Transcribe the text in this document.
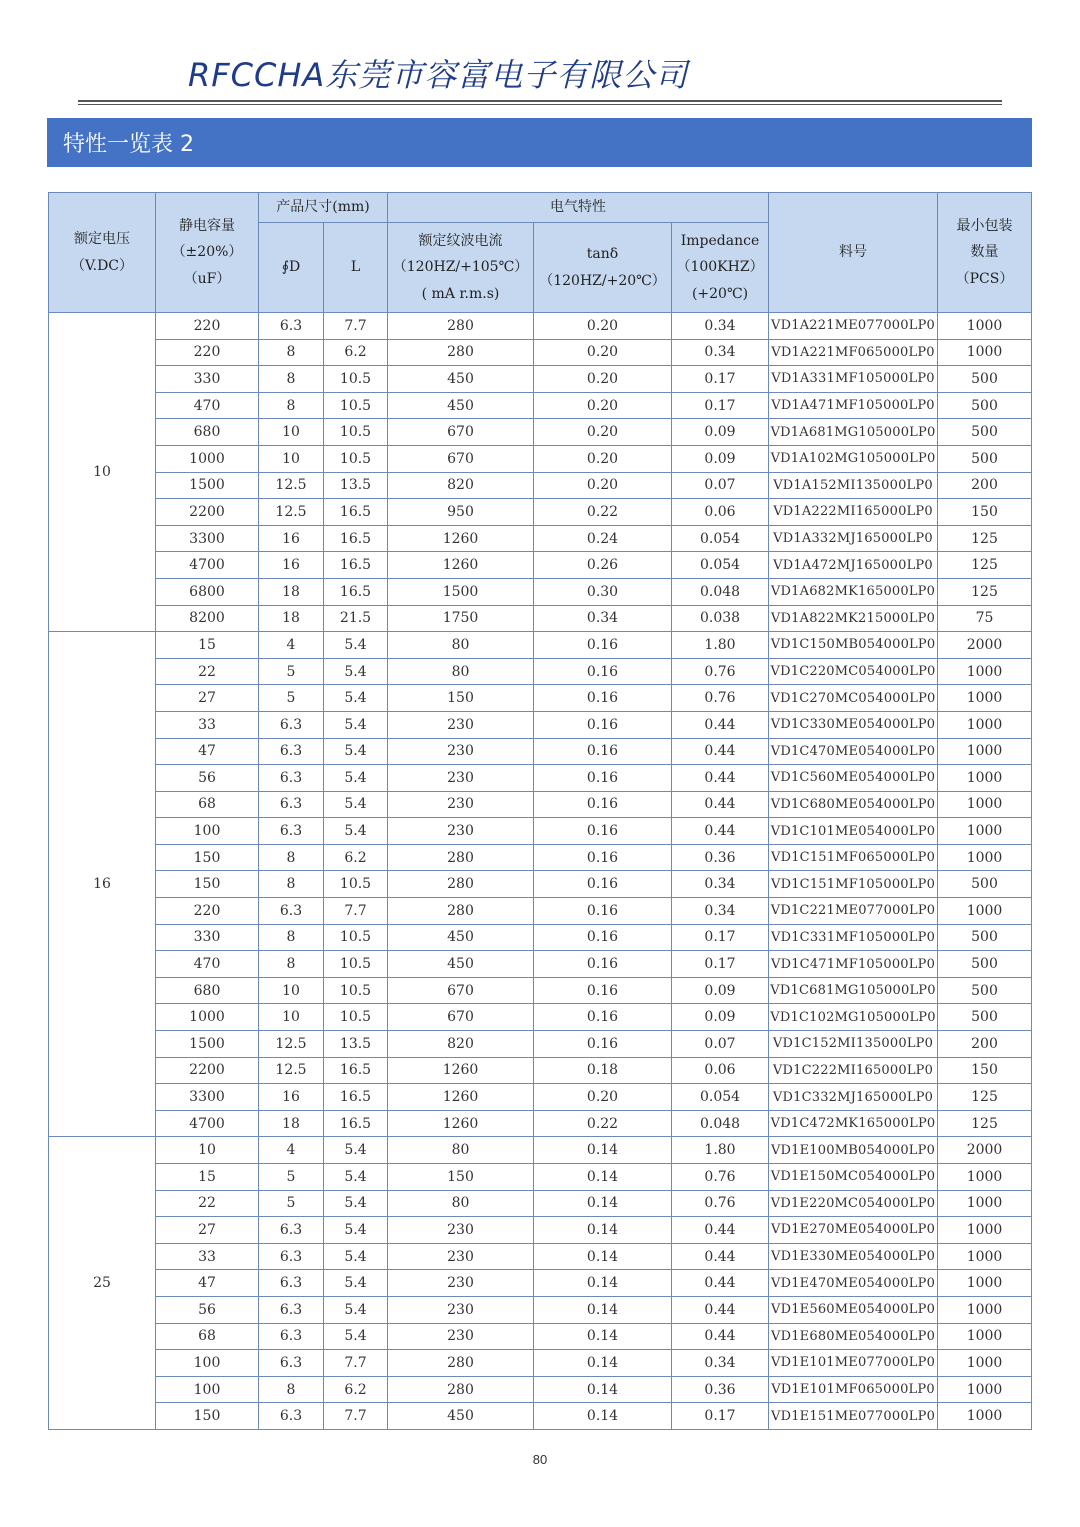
RFCCHA东莞市容富电子有限公司
特性一览表 2
额定电压
（V.DC）	静电容量
（±20%）
（uF）	产品尺寸(mm)		电气特性			料号	最小包装
数量
（PCS）

		∮D	L	额定纹波电流
（120HZ/+105℃）
( mA r.m.s)	tanδ
（120HZ/+20℃）	Impedance
（100KHZ）
(+20℃)		

10	220	6.3	7.7	280	0.20	0.34	VD1A221ME077000LP0	1000
	220	8	6.2	280	0.20	0.34	VD1A221MF065000LP0	1000
	330	8	10.5	450	0.20	0.17	VD1A331MF105000LP0	500
	470	8	10.5	450	0.20	0.17	VD1A471MF105000LP0	500
	680	10	10.5	670	0.20	0.09	VD1A681MG105000LP0	500
	1000	10	10.5	670	0.20	0.09	VD1A102MG105000LP0	500
	1500	12.5	13.5	820	0.20	0.07	VD1A152MI135000LP0	200
	2200	12.5	16.5	950	0.22	0.06	VD1A222MI165000LP0	150
	3300	16	16.5	1260	0.24	0.054	VD1A332MJ165000LP0	125
	4700	16	16.5	1260	0.26	0.054	VD1A472MJ165000LP0	125
	6800	18	16.5	1500	0.30	0.048	VD1A682MK165000LP0	125
	8200	18	21.5	1750	0.34	0.038	VD1A822MK215000LP0	75
16	15	4	5.4	80	0.16	1.80	VD1C150MB054000LP0	2000
	22	5	5.4	80	0.16	0.76	VD1C220MC054000LP0	1000
	27	5	5.4	150	0.16	0.76	VD1C270MC054000LP0	1000
	33	6.3	5.4	230	0.16	0.44	VD1C330ME054000LP0	1000
	47	6.3	5.4	230	0.16	0.44	VD1C470ME054000LP0	1000
	56	6.3	5.4	230	0.16	0.44	VD1C560ME054000LP0	1000
	68	6.3	5.4	230	0.16	0.44	VD1C680ME054000LP0	1000
	100	6.3	5.4	230	0.16	0.44	VD1C101ME054000LP0	1000
	150	8	6.2	280	0.16	0.36	VD1C151MF065000LP0	1000
	150	8	10.5	280	0.16	0.34	VD1C151MF105000LP0	500
	220	6.3	7.7	280	0.16	0.34	VD1C221ME077000LP0	1000
	330	8	10.5	450	0.16	0.17	VD1C331MF105000LP0	500
	470	8	10.5	450	0.16	0.17	VD1C471MF105000LP0	500
	680	10	10.5	670	0.16	0.09	VD1C681MG105000LP0	500
	1000	10	10.5	670	0.16	0.09	VD1C102MG105000LP0	500
	1500	12.5	13.5	820	0.16	0.07	VD1C152MI135000LP0	200
	2200	12.5	16.5	1260	0.18	0.06	VD1C222MI165000LP0	150
	3300	16	16.5	1260	0.20	0.054	VD1C332MJ165000LP0	125
	4700	18	16.5	1260	0.22	0.048	VD1C472MK165000LP0	125
25	10	4	5.4	80	0.14	1.80	VD1E100MB054000LP0	2000
	15	5	5.4	150	0.14	0.76	VD1E150MC054000LP0	1000
	22	5	5.4	80	0.14	0.76	VD1E220MC054000LP0	1000
	27	6.3	5.4	230	0.14	0.44	VD1E270ME054000LP0	1000
	33	6.3	5.4	230	0.14	0.44	VD1E330ME054000LP0	1000
	47	6.3	5.4	230	0.14	0.44	VD1E470ME054000LP0	1000
	56	6.3	5.4	230	0.14	0.44	VD1E560ME054000LP0	1000
	68	6.3	5.4	230	0.14	0.44	VD1E680ME054000LP0	1000
	100	6.3	7.7	280	0.14	0.34	VD1E101ME077000LP0	1000
	100	8	6.2	280	0.14	0.36	VD1E101MF065000LP0	1000
	150	6.3	7.7	450	0.14	0.17	VD1E151ME077000LP0	1000
80
